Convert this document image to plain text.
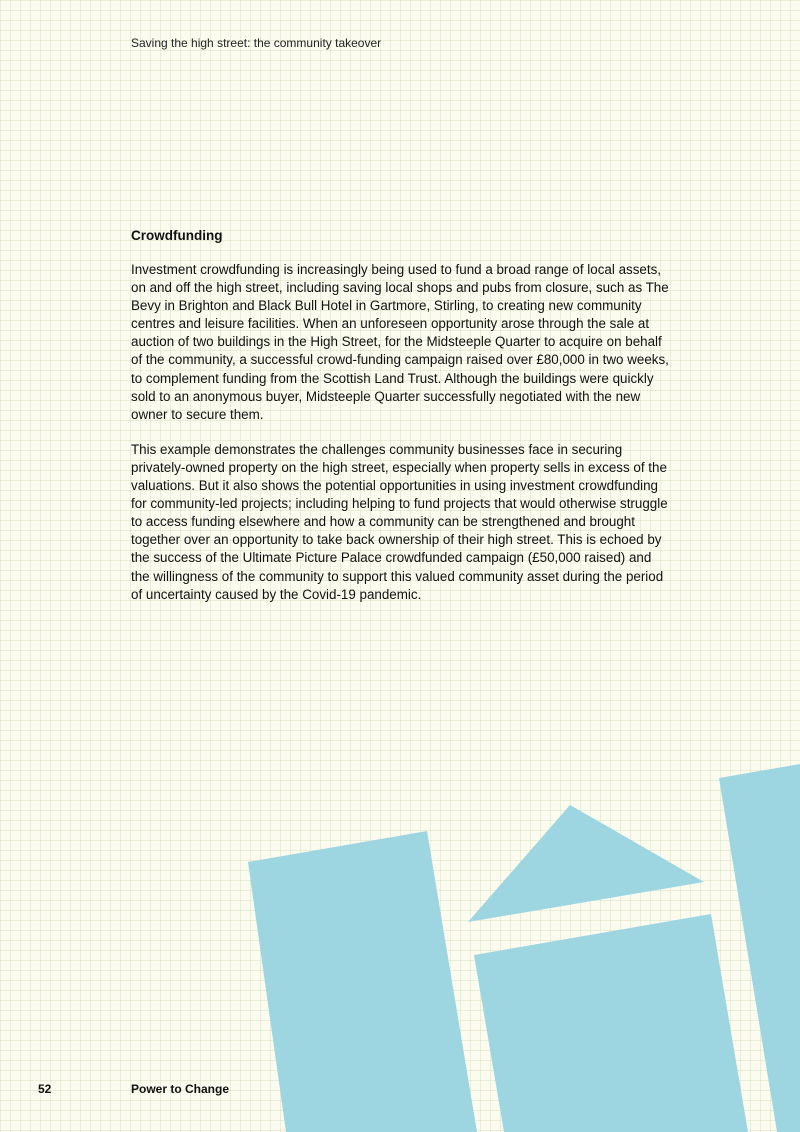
Saving the high street: the community takeover
Crowdfunding

Investment crowdfunding is increasingly being used to fund a broad range of local assets, on and off the high street, including saving local shops and pubs from closure, such as The Bevy in Brighton and Black Bull Hotel in Gartmore, Stirling, to creating new community centres and leisure facilities. When an unforeseen opportunity arose through the sale at auction of two buildings in the High Street, for the Midsteeple Quarter to acquire on behalf of the community, a successful crowd-funding campaign raised over £80,000 in two weeks, to complement funding from the Scottish Land Trust. Although the buildings were quickly sold to an anonymous buyer, Midsteeple Quarter successfully negotiated with the new owner to secure them.

This example demonstrates the challenges community businesses face in securing privately-owned property on the high street, especially when property sells in excess of the valuations. But it also shows the potential opportunities in using investment crowdfunding for community-led projects; including helping to fund projects that would otherwise struggle to access funding elsewhere and how a community can be strengthened and brought together over an opportunity to take back ownership of their high street. This is echoed by the success of the Ultimate Picture Palace crowdfunded campaign (£50,000 raised) and the willingness of the community to support this valued community asset during the period of uncertainty caused by the Covid-19 pandemic.

52	Power to Change
